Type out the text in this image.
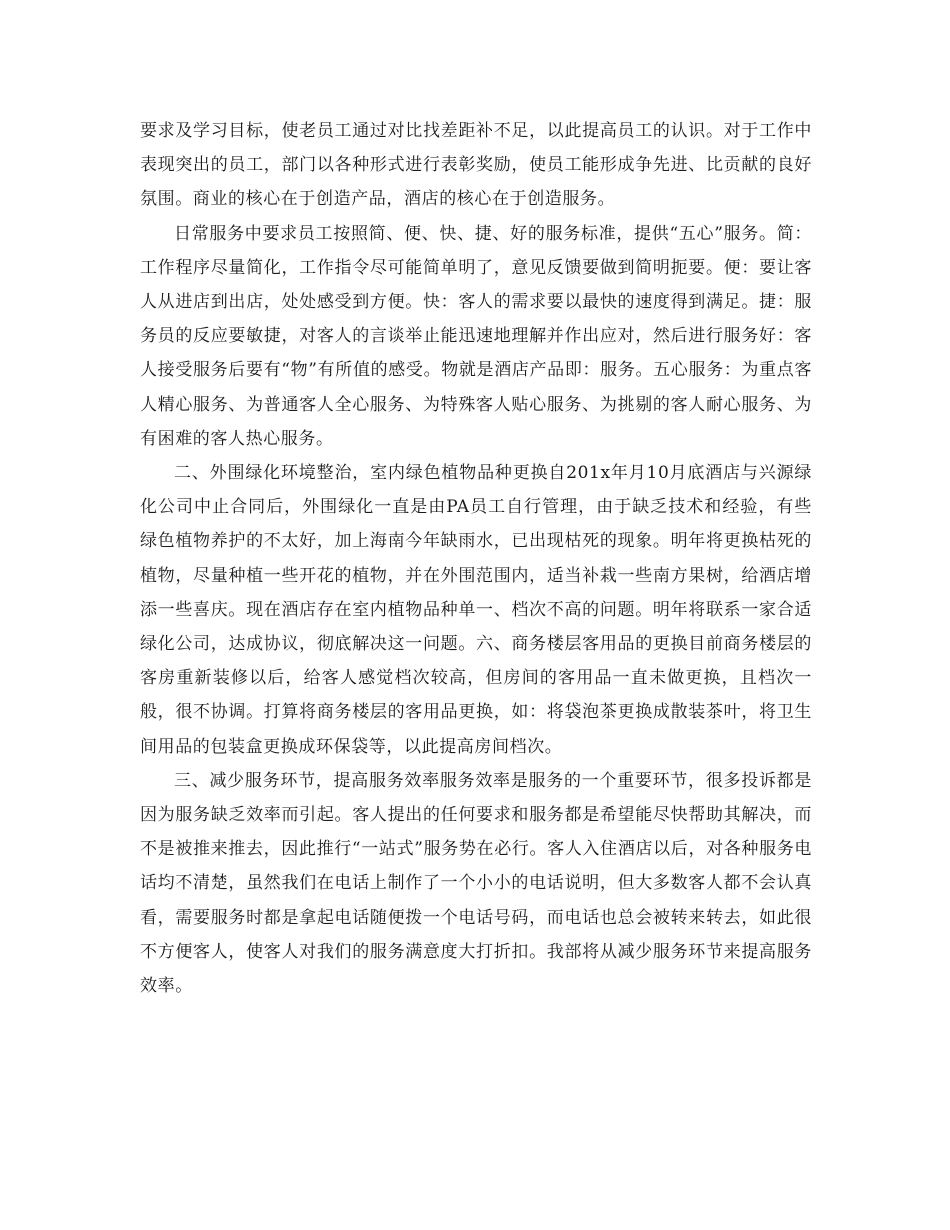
要求及学习目标，使老员工通过对比找差距补不足，以此提高员工的认识。对于工作中表现突出的员工，部门以各种形式进行表彰奖励，使员工能形成争先进、比贡献的良好氛围。商业的核心在于创造产品，酒店的核心在于创造服务。

日常服务中要求员工按照简、便、快、捷、好的服务标准，提供“五心”服务。简：工作程序尽量简化，工作指令尽可能简单明了，意见反馈要做到简明扼要。便：要让客人从进店到出店，处处感受到方便。快：客人的需求要以最快的速度得到满足。捷：服务员的反应要敏捷，对客人的言谈举止能迅速地理解并作出应对，然后进行服务好：客人接受服务后要有“物”有所值的感受。物就是酒店产品即：服务。五心服务：为重点客人精心服务、为普通客人全心服务、为特殊客人贴心服务、为挑剔的客人耐心服务、为有困难的客人热心服务。

二、外围绿化环境整治，室内绿色植物品种更换自201x年月10月底酒店与兴源绿化公司中止合同后，外围绿化一直是由PA员工自行管理，由于缺乏技术和经验，有些绿色植物养护的不太好，加上海南今年缺雨水，已出现枯死的现象。明年将更换枯死的植物，尽量种植一些开花的植物，并在外围范围内，适当补栽一些南方果树，给酒店增添一些喜庆。现在酒店存在室内植物品种单一、档次不高的问题。明年将联系一家合适绿化公司，达成协议，彻底解决这一问题。六、商务楼层客用品的更换目前商务楼层的客房重新装修以后，给客人感觉档次较高，但房间的客用品一直未做更换，且档次一般，很不协调。打算将商务楼层的客用品更换，如：将袋泡茶更换成散装茶叶，将卫生间用品的包装盒更换成环保袋等，以此提高房间档次。

三、减少服务环节，提高服务效率服务效率是服务的一个重要环节，很多投诉都是因为服务缺乏效率而引起。客人提出的任何要求和服务都是希望能尽快帮助其解决，而不是被推来推去，因此推行“一站式”服务势在必行。客人入住酒店以后，对各种服务电话均不清楚，虽然我们在电话上制作了一个小小的电话说明，但大多数客人都不会认真看，需要服务时都是拿起电话随便拨一个电话号码，而电话也总会被转来转去，如此很不方便客人，使客人对我们的服务满意度大打折扣。我部将从减少服务环节来提高服务效率。
